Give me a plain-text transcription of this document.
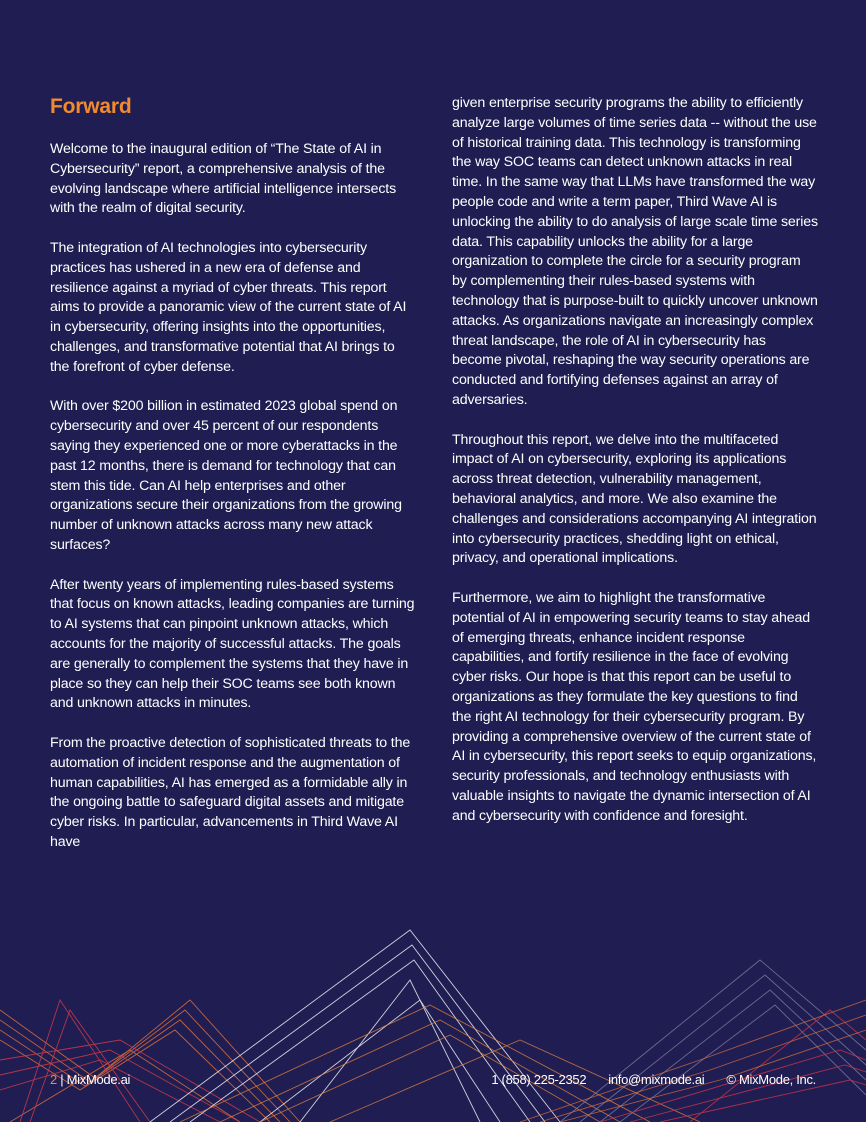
Forward

Welcome to the inaugural edition of “The State of AI in Cybersecurity” report, a comprehensive analysis of the evolving landscape where artificial intelligence intersects with the realm of digital security.

The integration of AI technologies into cybersecurity practices has ushered in a new era of defense and resilience against a myriad of cyber threats. This report aims to provide a panoramic view of the current state of AI in cybersecurity, offering insights into the opportunities, challenges, and transformative potential that AI brings to the forefront of cyber defense.

With over $200 billion in estimated 2023 global spend on cybersecurity and over 45 percent of our respondents saying they experienced one or more cyberattacks in the past 12 months, there is demand for technology that can stem this tide. Can AI help enterprises and other organizations secure their organizations from the growing number of unknown attacks across many new attack surfaces?

After twenty years of implementing rules-based systems that focus on known attacks, leading companies are turning to AI systems that can pinpoint unknown attacks, which accounts for the majority of successful attacks. The goals are generally to complement the systems that they have in place so they can help their SOC teams see both known and unknown attacks in minutes.

From the proactive detection of sophisticated threats to the automation of incident response and the augmentation of human capabilities, AI has emerged as a formidable ally in the ongoing battle to safeguard digital assets and mitigate cyber risks. In particular, advancements in Third Wave AI have

given enterprise security programs the ability to efficiently analyze large volumes of time series data -- without the use of historical training data. This technology is transforming the way SOC teams can detect unknown attacks in real time. In the same way that LLMs have transformed the way people code and write a term paper, Third Wave AI is unlocking the ability to do analysis of large scale time series data. This capability unlocks the ability for a large organization to complete the circle for a security program by complementing their rules-based systems with technology that is purpose-built to quickly uncover unknown attacks. As organizations navigate an increasingly complex threat landscape, the role of AI in cybersecurity has become pivotal, reshaping the way security operations are conducted and fortifying defenses against an array of adversaries.

Throughout this report, we delve into the multifaceted impact of AI on cybersecurity, exploring its applications across threat detection, vulnerability management, behavioral analytics, and more. We also examine the challenges and considerations accompanying AI integration into cybersecurity practices, shedding light on ethical, privacy, and operational implications.

Furthermore, we aim to highlight the transformative potential of AI in empowering security teams to stay ahead of emerging threats, enhance incident response capabilities, and fortify resilience in the face of evolving cyber risks. Our hope is that this report can be useful to organizations as they formulate the key questions to find the right AI technology for their cybersecurity program. By providing a comprehensive overview of the current state of AI in cybersecurity, this report seeks to equip organizations, security professionals, and technology enthusiasts with valuable insights to navigate the dynamic intersection of AI and cybersecurity with confidence and foresight.

2 | MixMode.ai	1 (858) 225-2352 info@mixmode.ai © MixMode, Inc.
